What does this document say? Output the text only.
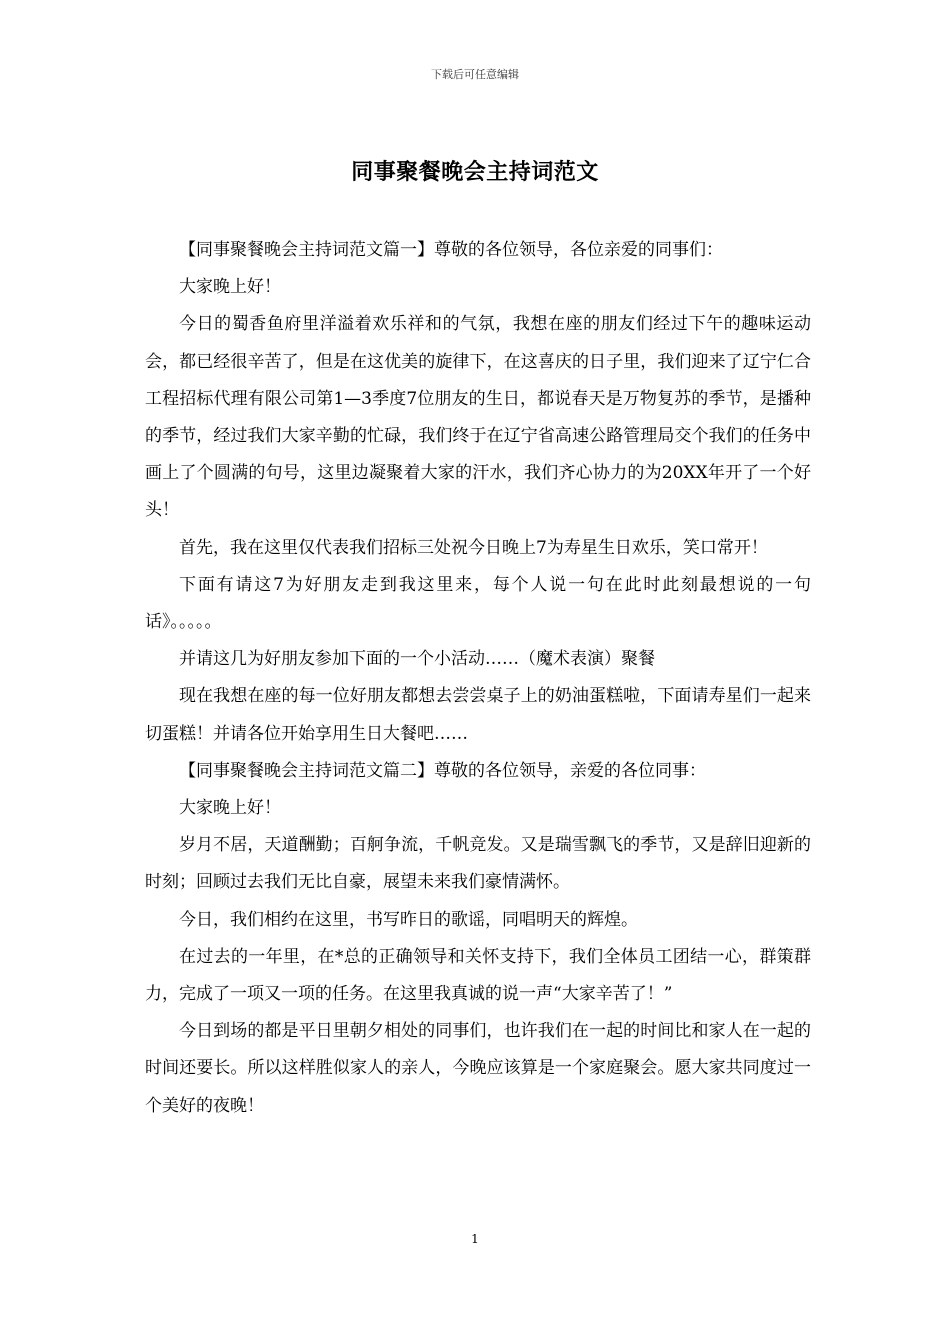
下载后可任意编辑
同事聚餐晚会主持词范文

【同事聚餐晚会主持词范文篇一】尊敬的各位领导，各位亲爱的同事们：

大家晚上好！

今日的蜀香鱼府里洋溢着欢乐祥和的气氛，我想在座的朋友们经过下午的趣味运动会，都已经很辛苦了，但是在这优美的旋律下，在这喜庆的日子里，我们迎来了辽宁仁合工程招标代理有限公司第1—3季度7位朋友的生日，都说春天是万物复苏的季节，是播种的季节，经过我们大家辛勤的忙碌，我们终于在辽宁省高速公路管理局交个我们的任务中画上了个圆满的句号，这里边凝聚着大家的汗水，我们齐心协力的为20XX年开了一个好头！

首先，我在这里仅代表我们招标三处祝今日晚上7为寿星生日欢乐，笑口常开！

下面有请这7为好朋友走到我这里来，每个人说一句在此时此刻最想说的一句话》。。。。。

并请这几为好朋友参加下面的一个小活动……（魔术表演）聚餐

现在我想在座的每一位好朋友都想去尝尝桌子上的奶油蛋糕啦，下面请寿星们一起来切蛋糕！并请各位开始享用生日大餐吧……

【同事聚餐晚会主持词范文篇二】尊敬的各位领导，亲爱的各位同事：

大家晚上好！

岁月不居，天道酬勤；百舸争流，千帆竞发。又是瑞雪飘飞的季节，又是辞旧迎新的时刻；回顾过去我们无比自豪，展望未来我们豪情满怀。

今日，我们相约在这里，书写昨日的歌谣，同唱明天的辉煌。

在过去的一年里，在*总的正确领导和关怀支持下，我们全体员工团结一心，群策群力，完成了一项又一项的任务。在这里我真诚的说一声“大家辛苦了！”

今日到场的都是平日里朝夕相处的同事们，也许我们在一起的时间比和家人在一起的时间还要长。所以这样胜似家人的亲人，今晚应该算是一个家庭聚会。愿大家共同度过一个美好的夜晚！

1
